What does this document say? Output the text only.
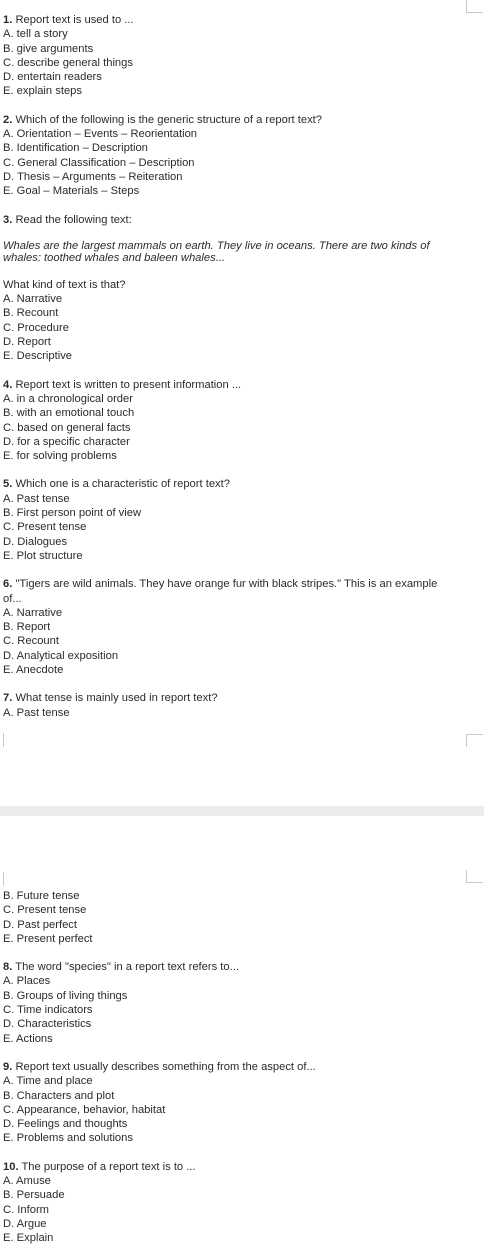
1. Report text is used to ...
A. tell a story
B. give arguments
C. describe general things
D. entertain readers
E. explain steps
2. Which of the following is the generic structure of a report text?
A. Orientation – Events – Reorientation
B. Identification – Description
C. General Classification – Description
D. Thesis – Arguments – Reiteration
E. Goal – Materials – Steps
3. Read the following text:

Whales are the largest mammals on earth. They live in oceans. There are two kinds of whales: toothed whales and baleen whales...

What kind of text is that?
A. Narrative
B. Recount
C. Procedure
D. Report
E. Descriptive
4. Report text is written to present information ...
A. in a chronological order
B. with an emotional touch
C. based on general facts
D. for a specific character
E. for solving problems
5. Which one is a characteristic of report text?
A. Past tense
B. First person point of view
C. Present tense
D. Dialogues
E. Plot structure
6. "Tigers are wild animals. They have orange fur with black stripes." This is an example of...
A. Narrative
B. Report
C. Recount
D. Analytical exposition
E. Anecdote
7. What tense is mainly used in report text?
A. Past tense
B. Future tense
C. Present tense
D. Past perfect
E. Present perfect
8. The word "species" in a report text refers to...
A. Places
B. Groups of living things
C. Time indicators
D. Characteristics
E. Actions
9. Report text usually describes something from the aspect of...
A. Time and place
B. Characters and plot
C. Appearance, behavior, habitat
D. Feelings and thoughts
E. Problems and solutions
10. The purpose of a report text is to ...
A. Amuse
B. Persuade
C. Inform
D. Argue
E. Explain
